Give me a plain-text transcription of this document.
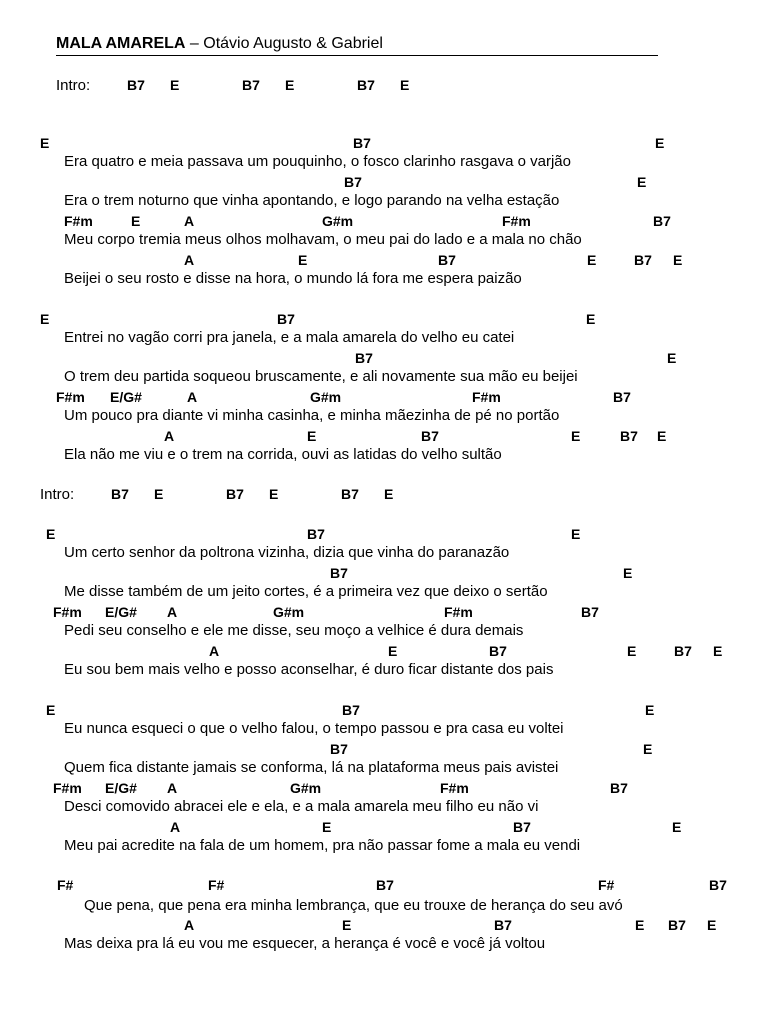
MALA AMARELA – Otávio Augusto & Gabriel
Intro:	B7 E	B7 E	B7 E
E	B7	E
Era quatro e meia passava um pouquinho, o fosco clarinho rasgava o varjão
B7	E
Era o trem noturno que vinha apontando, e logo parando na velha estação
F#m	E	A	G#m	F#m	B7
Meu corpo tremia meus olhos molhavam, o meu pai do lado e a mala no chão
A	E	B7	E	B7 E
Beijei o seu rosto e disse na hora, o mundo lá fora me espera paizão
E	B7	E
Entrei no vagão corri pra janela, e a mala amarela do velho eu catei
B7	E
O trem deu partida soqueou bruscamente, e ali novamente sua mão eu beijei
F#m E/G#	A	G#m	F#m	B7
Um pouco pra diante vi minha casinha, e minha mãezinha de pé no portão
A	E	B7	E	B7 E
Ela não me viu e o trem na corrida, ouvi as latidas do velho sultão
Intro:	B7 E	B7 E	B7 E
E	B7	E
Um certo senhor da poltrona vizinha, dizia que vinha do paranazão
B7	E
Me disse também de um jeito cortes, é a primeira vez que deixo o sertão
F#m E/G# A	G#m	F#m	B7
Pedi seu conselho e ele me disse, seu moço a velhice é dura demais
A	E	B7	E	B7 E
Eu sou bem mais velho e posso aconselhar, é duro ficar distante dos pais
E	B7	E
Eu nunca esqueci o que o velho falou, o tempo passou e pra casa eu voltei
B7	E
Quem fica distante jamais se conforma, lá na plataforma meus pais avistei
F#m E/G# A	G#m	F#m	B7
Desci comovido abracei ele e ela, e a mala amarela meu filho eu não vi
A	E	B7	E
Meu pai acredite na fala de um homem, pra não passar fome a mala eu vendi
F#	F#	B7	F#	B7
Que pena, que pena era minha lembrança, que eu trouxe de herança do seu avó
A	E	B7	E B7 E
Mas deixa pra lá eu vou me esquecer, a herança é você e você já voltou
